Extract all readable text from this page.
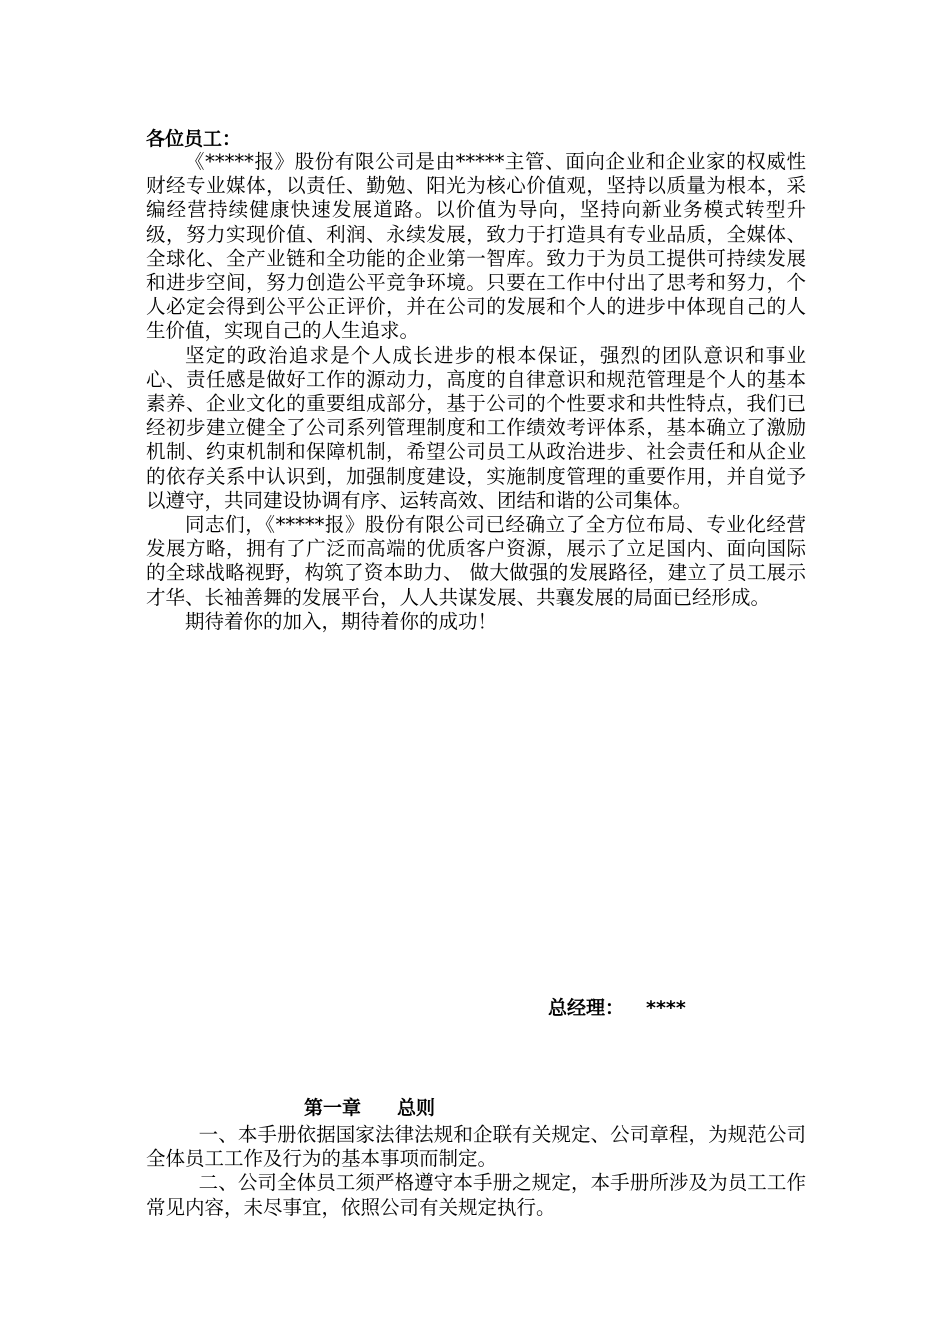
各位员工：

《*****报》股份有限公司是由*****主管、面向企业和企业家的权威性财经专业媒体，以责任、勤勉、阳光为核心价值观，坚持以质量为根本，采编经营持续健康快速发展道路。以价值为导向，坚持向新业务模式转型升级，努力实现价值、利润、永续发展，致力于打造具有专业品质，全媒体、全球化、全产业链和全功能的企业第一智库。致力于为员工提供可持续发展和进步空间，努力创造公平竞争环境。只要在工作中付出了思考和努力，个人必定会得到公平公正评价，并在公司的发展和个人的进步中体现自己的人生价值，实现自己的人生追求。

坚定的政治追求是个人成长进步的根本保证，强烈的团队意识和事业心、责任感是做好工作的源动力，高度的自律意识和规范管理是个人的基本素养、企业文化的重要组成部分，基于公司的个性要求和共性特点，我们已经初步建立健全了公司系列管理制度和工作绩效考评体系，基本确立了激励机制、约束机制和保障机制，希望公司员工从政治进步、社会责任和从企业的依存关系中认识到，加强制度建设，实施制度管理的重要作用，并自觉予以遵守，共同建设协调有序、运转高效、团结和谐的公司集体。

同志们，《*****报》股份有限公司已经确立了全方位布局、专业化经营发展方略，拥有了广泛而高端的优质客户资源，展示了立足国内、面向国际的全球战略视野，构筑了资本助力、 做大做强的发展路径，建立了员工展示才华、长袖善舞的发展平台，人人共谋发展、共襄发展的局面已经形成。

期待着你的加入，期待着你的成功！

总经理： ****
第一章 总则

一、本手册依据国家法律法规和企联有关规定、公司章程，为规范公司全体员工工作及行为的基本事项而制定。

二、公司全体员工须严格遵守本手册之规定，本手册所涉及为员工工作常见内容，未尽事宜，依照公司有关规定执行。
